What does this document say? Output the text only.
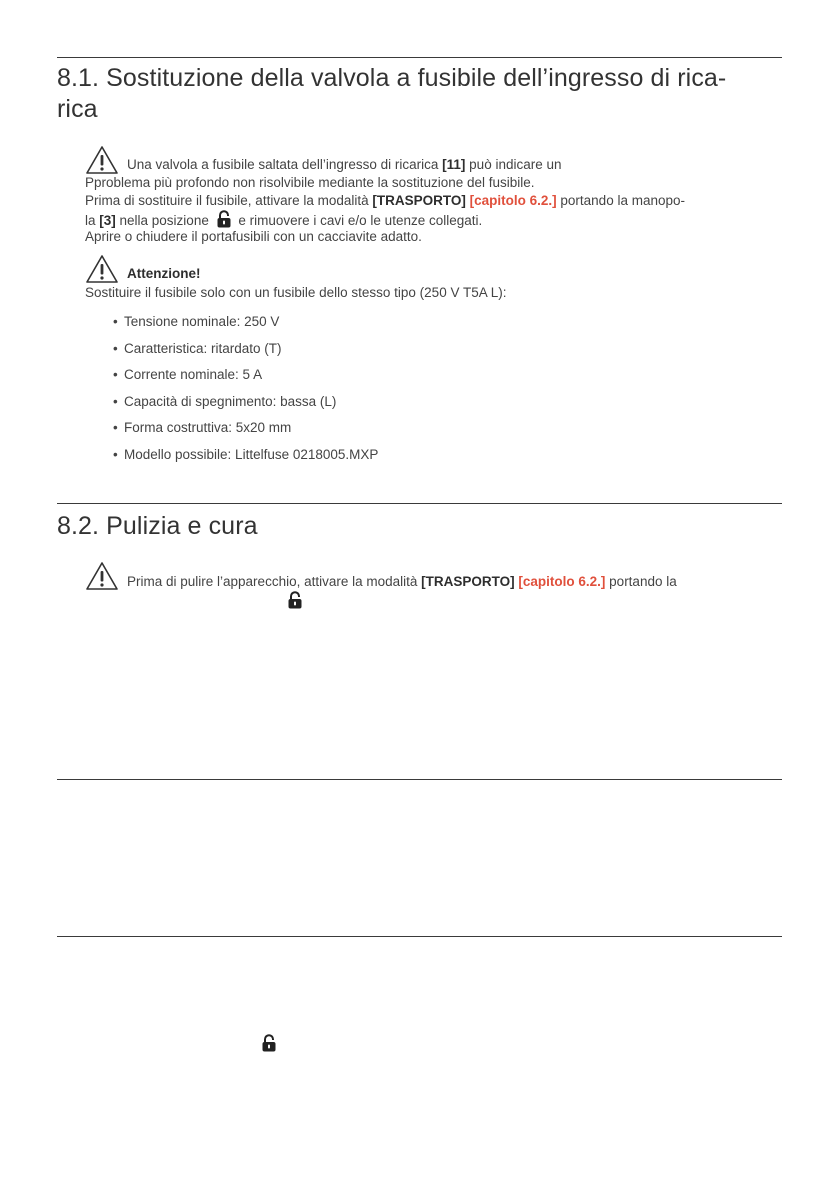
8.1. Sostituzione della valvola a fusibile dell’ingresso di rica-
rica
Una valvola a fusibile saltata dell’ingresso di ricarica [11] può indicare un
Pproblema più profondo non risolvibile mediante la sostituzione del fusibile.
Prima di sostituire il fusibile, attivare la modalità [TRASPORTO] [capitolo 6.2.] portando la manopo-
la [3] nella posizione e rimuovere i cavi e/o le utenze collegati.
Aprire o chiudere il portafusibili con un cacciavite adatto.
Attenzione!
Sostituire il fusibile solo con un fusibile dello stesso tipo (250 V T5A L):
• Tensione nominale: 250 V
• Caratteristica: ritardato (T)
• Corrente nominale: 5 A
• Capacità di spegnimento: bassa (L)
• Forma costruttiva: 5x20 mm
• Modello possibile: Littelfuse 0218005.MXP
8.2. Pulizia e cura
Prima di pulire l’apparecchio, attivare la modalità [TRASPORTO] [capitolo 6.2.] portando la
